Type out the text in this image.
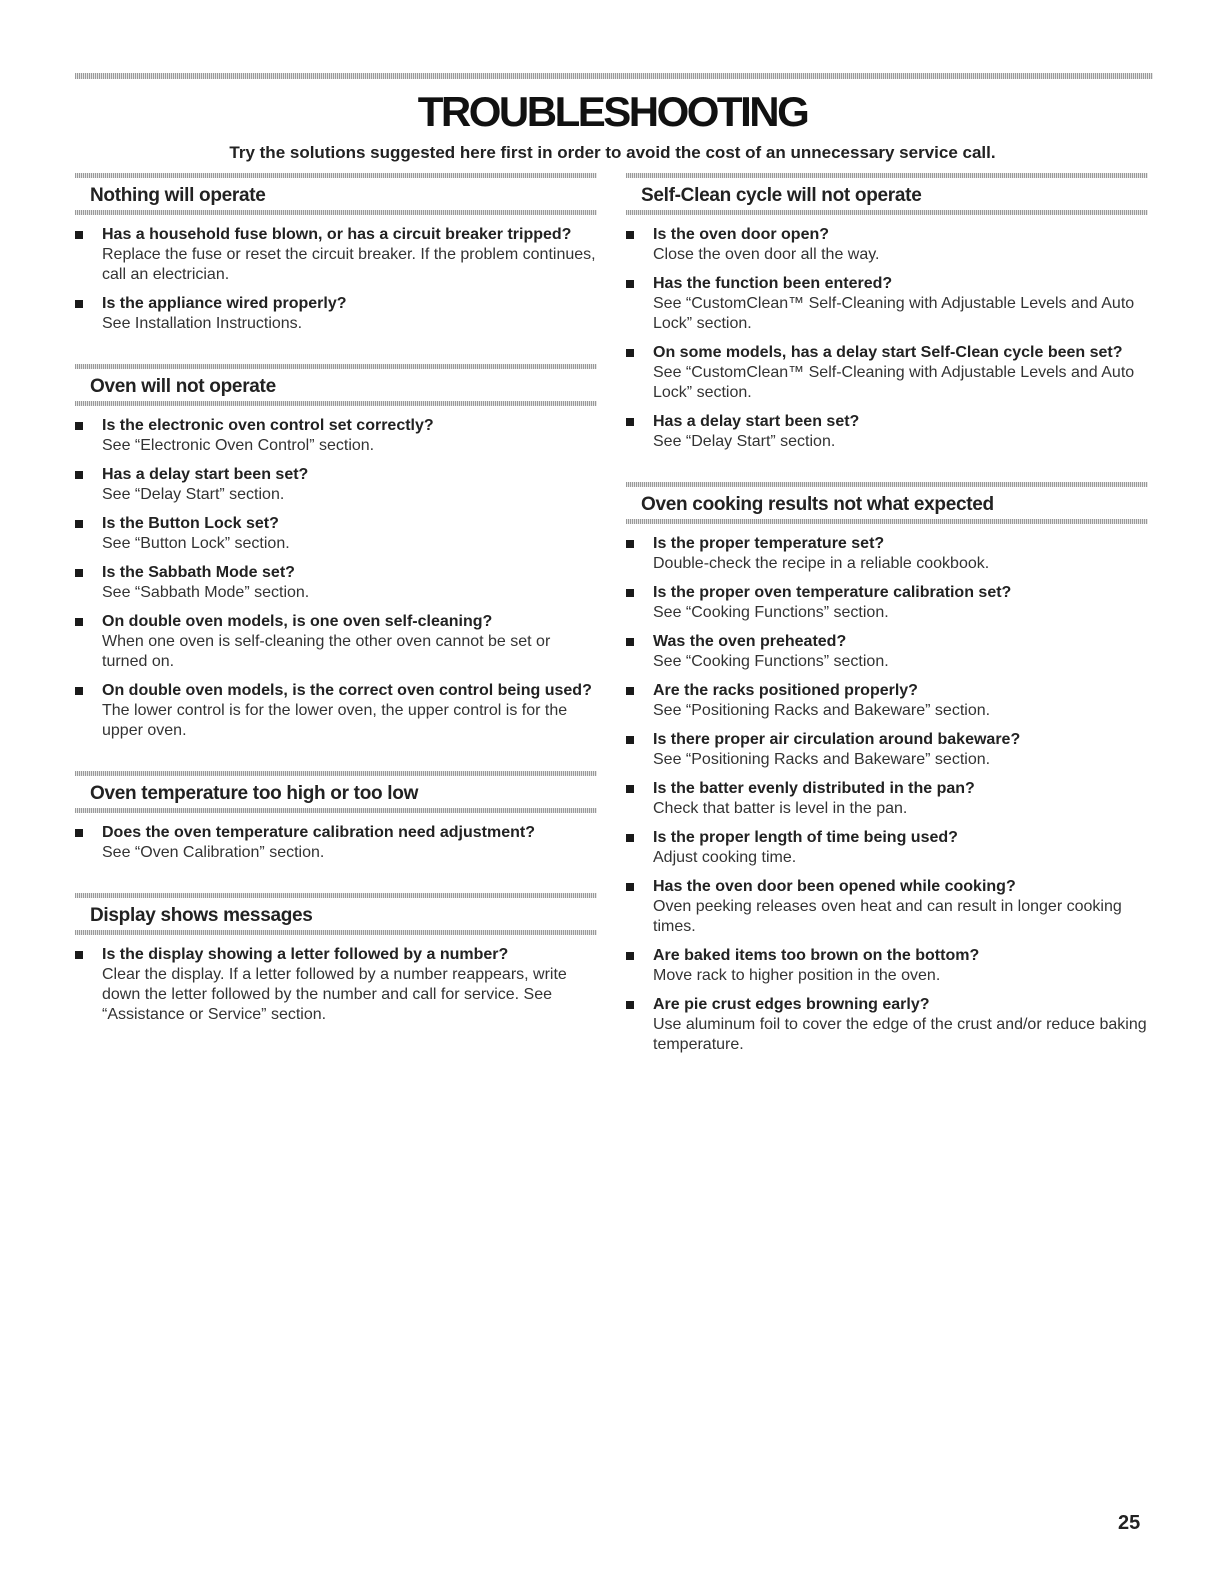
TROUBLESHOOTING
Try the solutions suggested here first in order to avoid the cost of an unnecessary service call.
Nothing will operate
Has a household fuse blown, or has a circuit breaker tripped?
Replace the fuse or reset the circuit breaker. If the problem continues, call an electrician.
Is the appliance wired properly?
See Installation Instructions.
Oven will not operate
Is the electronic oven control set correctly?
See “Electronic Oven Control” section.
Has a delay start been set?
See “Delay Start” section.
Is the Button Lock set?
See “Button Lock” section.
Is the Sabbath Mode set?
See “Sabbath Mode” section.
On double oven models, is one oven self-cleaning?
When one oven is self-cleaning the other oven cannot be set or turned on.
On double oven models, is the correct oven control being used?
The lower control is for the lower oven, the upper control is for the upper oven.
Oven temperature too high or too low
Does the oven temperature calibration need adjustment?
See “Oven Calibration” section.
Display shows messages
Is the display showing a letter followed by a number?
Clear the display. If a letter followed by a number reappears, write down the letter followed by the number and call for service. See “Assistance or Service” section.
Self-Clean cycle will not operate
Is the oven door open?
Close the oven door all the way.
Has the function been entered?
See “CustomClean™ Self-Cleaning with Adjustable Levels and Auto Lock” section.
On some models, has a delay start Self-Clean cycle been set?
See “CustomClean™ Self-Cleaning with Adjustable Levels and Auto Lock” section.
Has a delay start been set?
See “Delay Start” section.
Oven cooking results not what expected
Is the proper temperature set?
Double-check the recipe in a reliable cookbook.
Is the proper oven temperature calibration set?
See “Cooking Functions” section.
Was the oven preheated?
See “Cooking Functions” section.
Are the racks positioned properly?
See “Positioning Racks and Bakeware” section.
Is there proper air circulation around bakeware?
See “Positioning Racks and Bakeware” section.
Is the batter evenly distributed in the pan?
Check that batter is level in the pan.
Is the proper length of time being used?
Adjust cooking time.
Has the oven door been opened while cooking?
Oven peeking releases oven heat and can result in longer cooking times.
Are baked items too brown on the bottom?
Move rack to higher position in the oven.
Are pie crust edges browning early?
Use aluminum foil to cover the edge of the crust and/or reduce baking temperature.
25
